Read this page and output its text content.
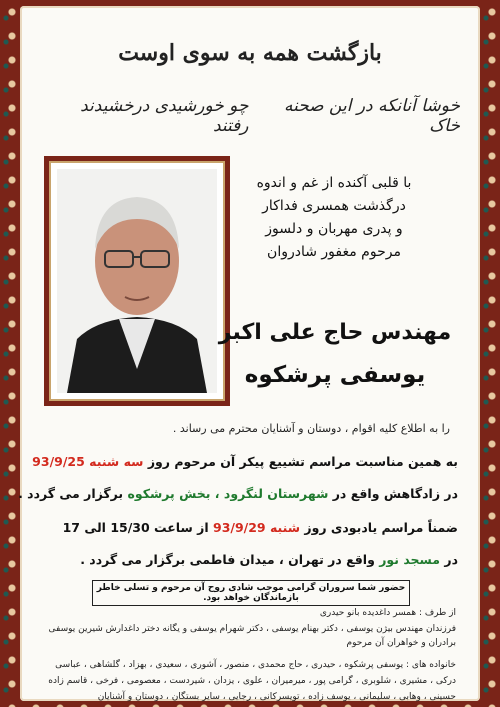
بازگشت همه به سوی اوست
خوشا آنانکه در این صحنه خاک
چو خورشیدی درخشیدند رفتند
با قلبی آکنده از غم و اندوه
درگذشت همسری فداکار
و پدری مهربان و دلسوز
مرحوم مغفور شادروان
مهندس حاج علی اکبر
یوسفی پرشکوه
را به اطلاع کلیه اقوام ، دوستان و آشنایان محترم می رساند .
به همین مناسبت مراسم تشییع پیکر آن مرحوم روز سه شنبه 93/9/25
در زادگاهش واقع در شهرستان لنگرود ، بخش پرشکوه برگزار می گردد .
ضمناً مراسم یادبودی روز شنبه 93/9/29 از ساعت 15/30 الی 17
در مسجد نور واقع در تهران ، میدان فاطمی برگزار می گردد .
حضور شما سروران گرامی موجب شادی روح آن مرحوم و تسلی خاطر بازماندگان خواهد بود.
از طرف : همسر داغدیده بانو حیدری
فرزندان مهندس بیژن یوسفی ، دکتر بهنام یوسفی ، دکتر شهرام یوسفی و یگانه دختر داغدارش شیرین یوسفی
برادران و خواهران آن مرحوم
خانواده های : یوسفی پرشکوه ، حیدری ، حاج محمدی ، منصور ، آشوری ، سعیدی ، بهزاد ، گلشاهی ، عباسی
درکی ، مشیری ، شلوبری ، گرامی پور ، میرمیران ، علوی ، یزدان ، شیردست ، معصومی ، فرخی ، قاسم زاده
حسینی ، وهابی ، سلیمانی ، یوسف زاده ، تویسرکانی ، رجایی ، سایر بستگان ، دوستان و آشنایان
